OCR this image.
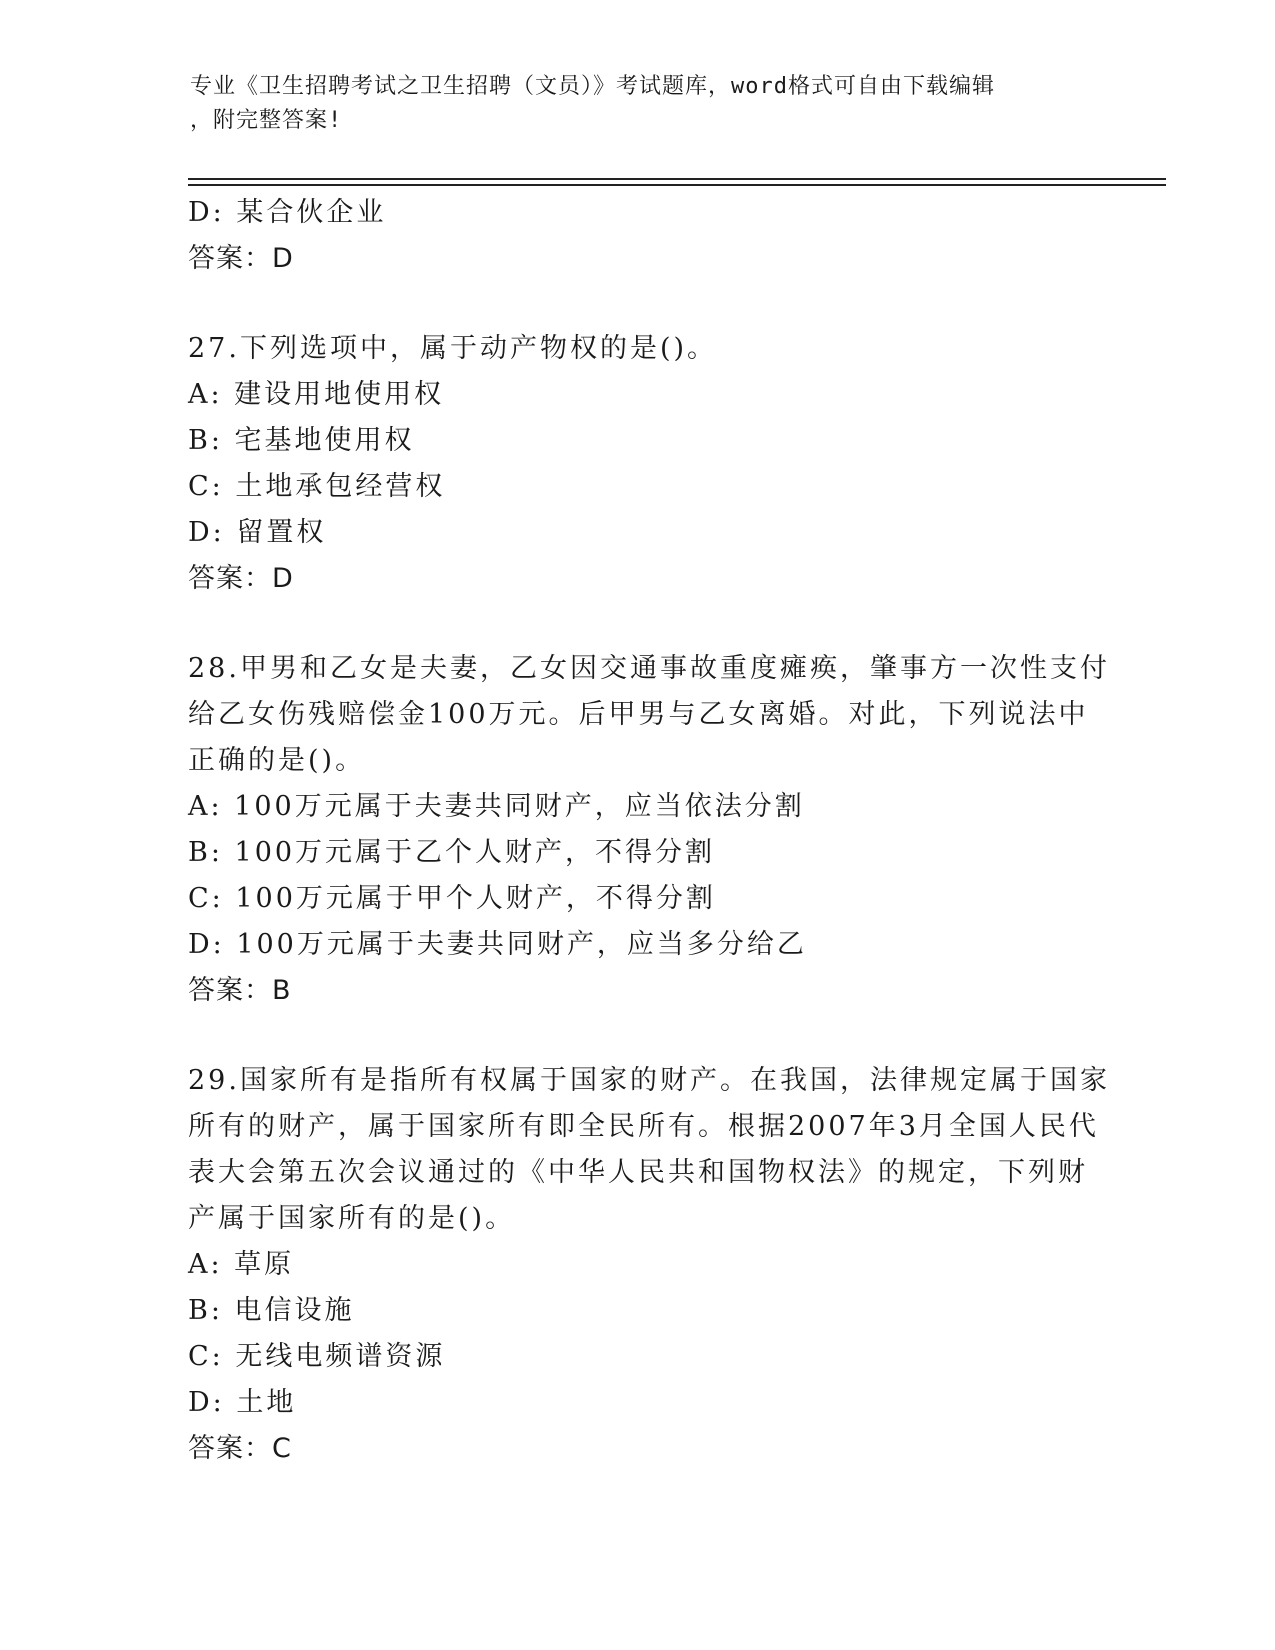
专业《卫生招聘考试之卫生招聘（文员）》考试题库，word格式可自由下载编辑
，附完整答案!
D: 某合伙企业
答案：D
27.下列选项中，属于动产物权的是()。
A: 建设用地使用权
B: 宅基地使用权
C: 土地承包经营权
D: 留置权
答案：D
28.甲男和乙女是夫妻，乙女因交通事故重度瘫痪，肇事方一次性支付
给乙女伤残赔偿金100万元。后甲男与乙女离婚。对此，下列说法中
正确的是()。
A: 100万元属于夫妻共同财产，应当依法分割
B: 100万元属于乙个人财产，不得分割
C: 100万元属于甲个人财产，不得分割
D: 100万元属于夫妻共同财产，应当多分给乙
答案：B
29.国家所有是指所有权属于国家的财产。在我国，法律规定属于国家
所有的财产，属于国家所有即全民所有。根据2007年3月全国人民代
表大会第五次会议通过的《中华人民共和国物权法》的规定，下列财
产属于国家所有的是()。
A: 草原
B: 电信设施
C: 无线电频谱资源
D: 土地
答案：C
